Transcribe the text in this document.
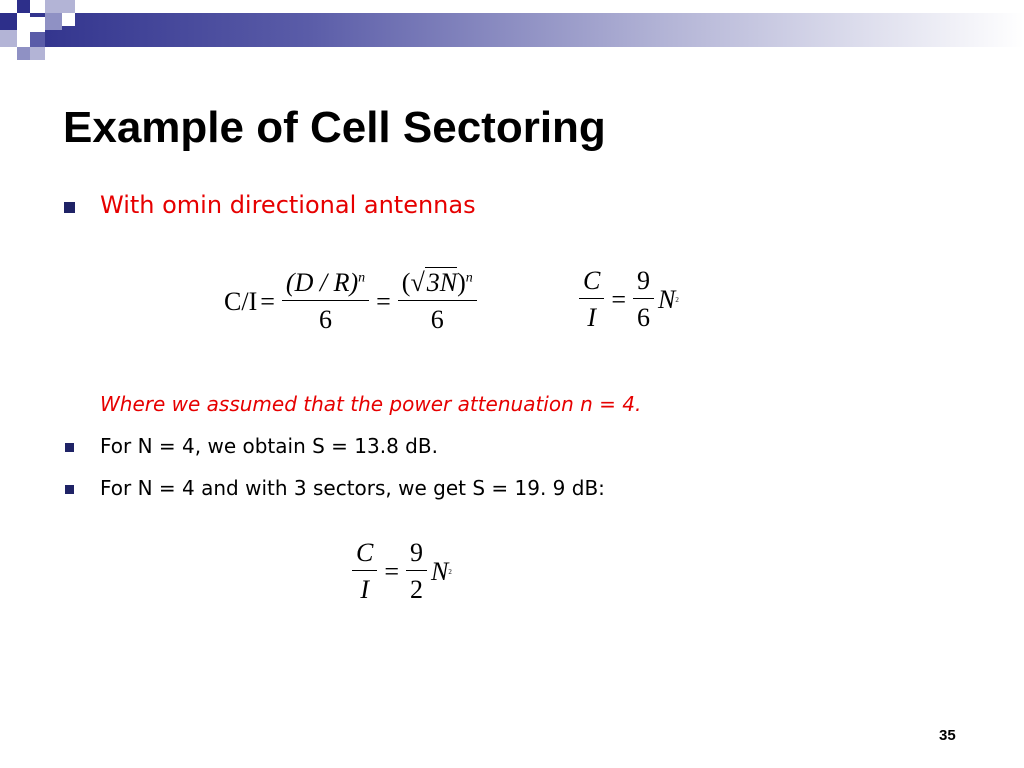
Example of Cell Sectoring
With omin directional antennas
$C/I = \frac{(D / R)^n}{6} = \frac{(√3N)^n}{6}$	$\frac{C}{I} = \frac{9}{6}$ N 2
Where we assumed that the power attenuation n = 4.
For N = 4, we obtain S = 13.8 dB.
For N = 4 and with 3 sectors, we get S = 19. 9 dB:
$\frac{C}{I} = \frac{9}{2}$ N 2
35
